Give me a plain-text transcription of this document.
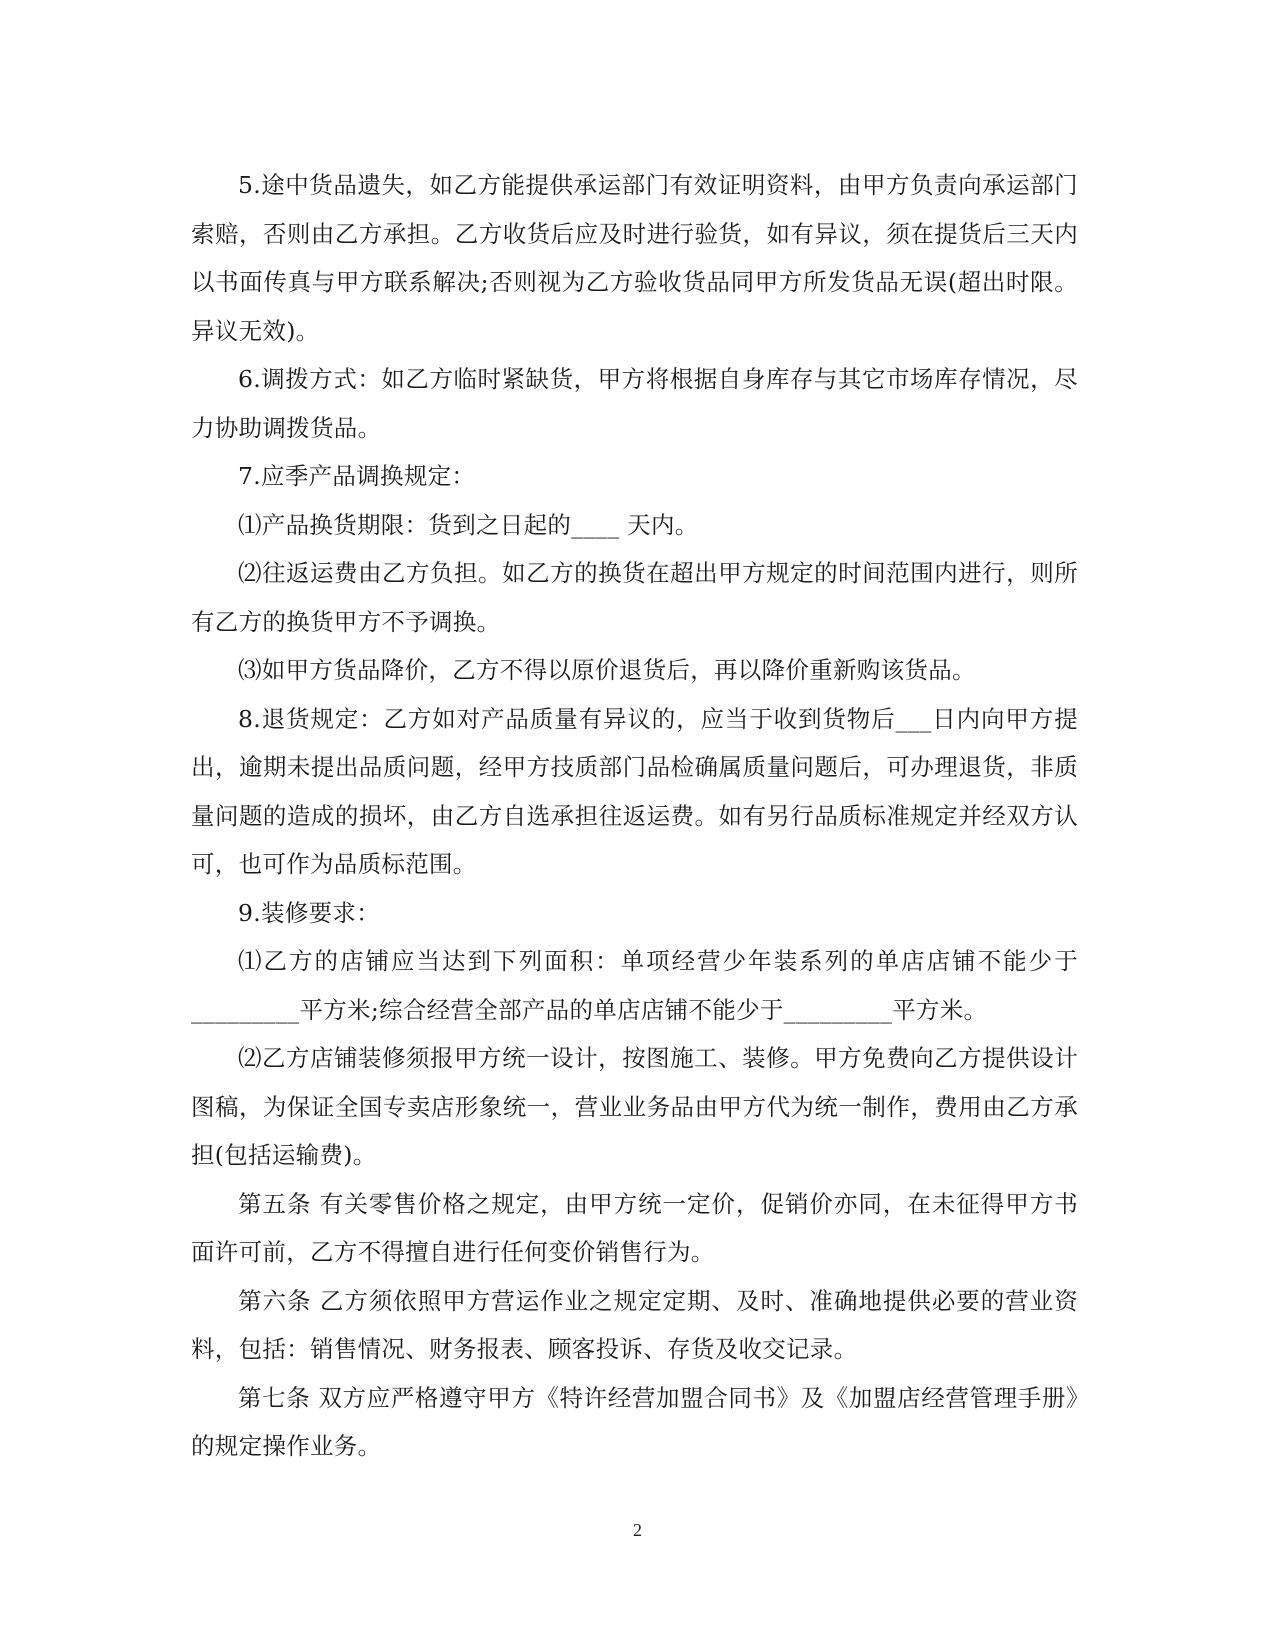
5.途中货品遗失，如乙方能提供承运部门有效证明资料，由甲方负责向承运部门索赔，否则由乙方承担。乙方收货后应及时进行验货，如有异议，须在提货后三天内以书面传真与甲方联系解决;否则视为乙方验收货品同甲方所发货品无误(超出时限。异议无效)。

6.调拨方式：如乙方临时紧缺货，甲方将根据自身库存与其它市场库存情况，尽力协助调拨货品。

7.应季产品调换规定：

⑴产品换货期限：货到之日起的____ 天内。

⑵往返运费由乙方负担。如乙方的换货在超出甲方规定的时间范围内进行，则所有乙方的换货甲方不予调换。

⑶如甲方货品降价，乙方不得以原价退货后，再以降价重新购该货品。

8.退货规定：乙方如对产品质量有异议的，应当于收到货物后___日内向甲方提出，逾期未提出品质问题，经甲方技质部门品检确属质量问题后，可办理退货，非质量问题的造成的损坏，由乙方自选承担往返运费。如有另行品质标准规定并经双方认可，也可作为品质标范围。

9.装修要求：

⑴乙方的店铺应当达到下列面积：单项经营少年装系列的单店店铺不能少于_________平方米;综合经营全部产品的单店店铺不能少于_________平方米。

⑵乙方店铺装修须报甲方统一设计，按图施工、装修。甲方免费向乙方提供设计图稿，为保证全国专卖店形象统一，营业业务品由甲方代为统一制作，费用由乙方承担(包括运输费)。

第五条 有关零售价格之规定，由甲方统一定价，促销价亦同，在未征得甲方书面许可前，乙方不得擅自进行任何变价销售行为。

第六条 乙方须依照甲方营运作业之规定定期、及时、准确地提供必要的营业资料，包括：销售情况、财务报表、顾客投诉、存货及收交记录。

第七条 双方应严格遵守甲方《特许经营加盟合同书》及《加盟店经营管理手册》的规定操作业务。

2
